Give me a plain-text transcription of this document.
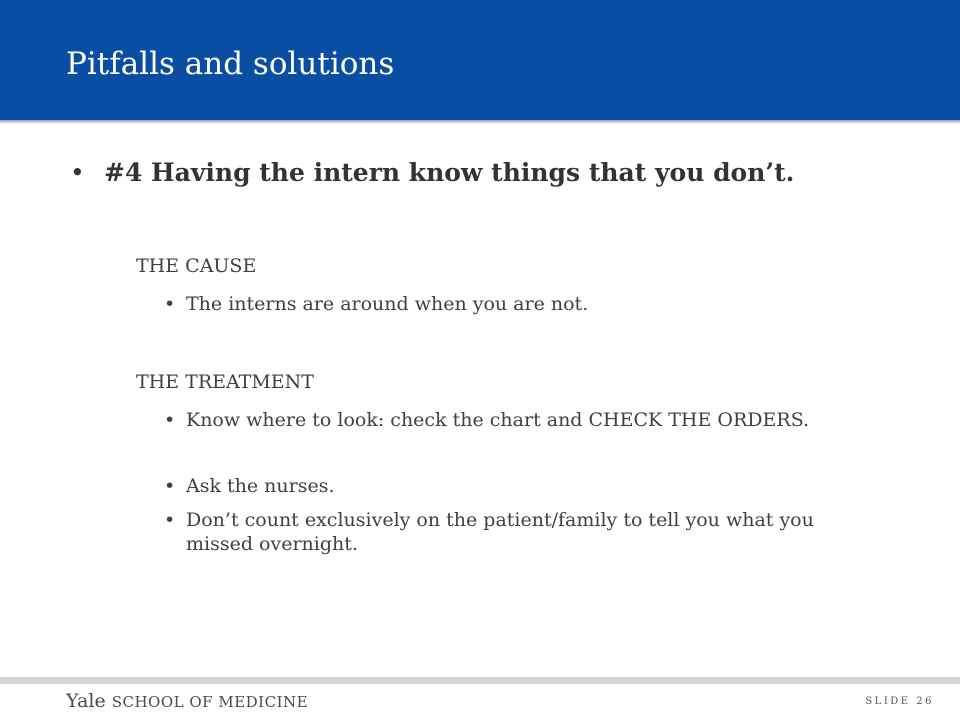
Pitfalls and solutions
• #4 Having the intern know things that you don’t.
THE CAUSE
• The interns are around when you are not.
THE TREATMENT
• Know where to look: check the chart and CHECK THE ORDERS.
• Ask the nurses.
• Don’t count exclusively on the patient/family to tell you what you missed overnight.
Yale SCHOOL OF MEDICINE	SLIDE 26
